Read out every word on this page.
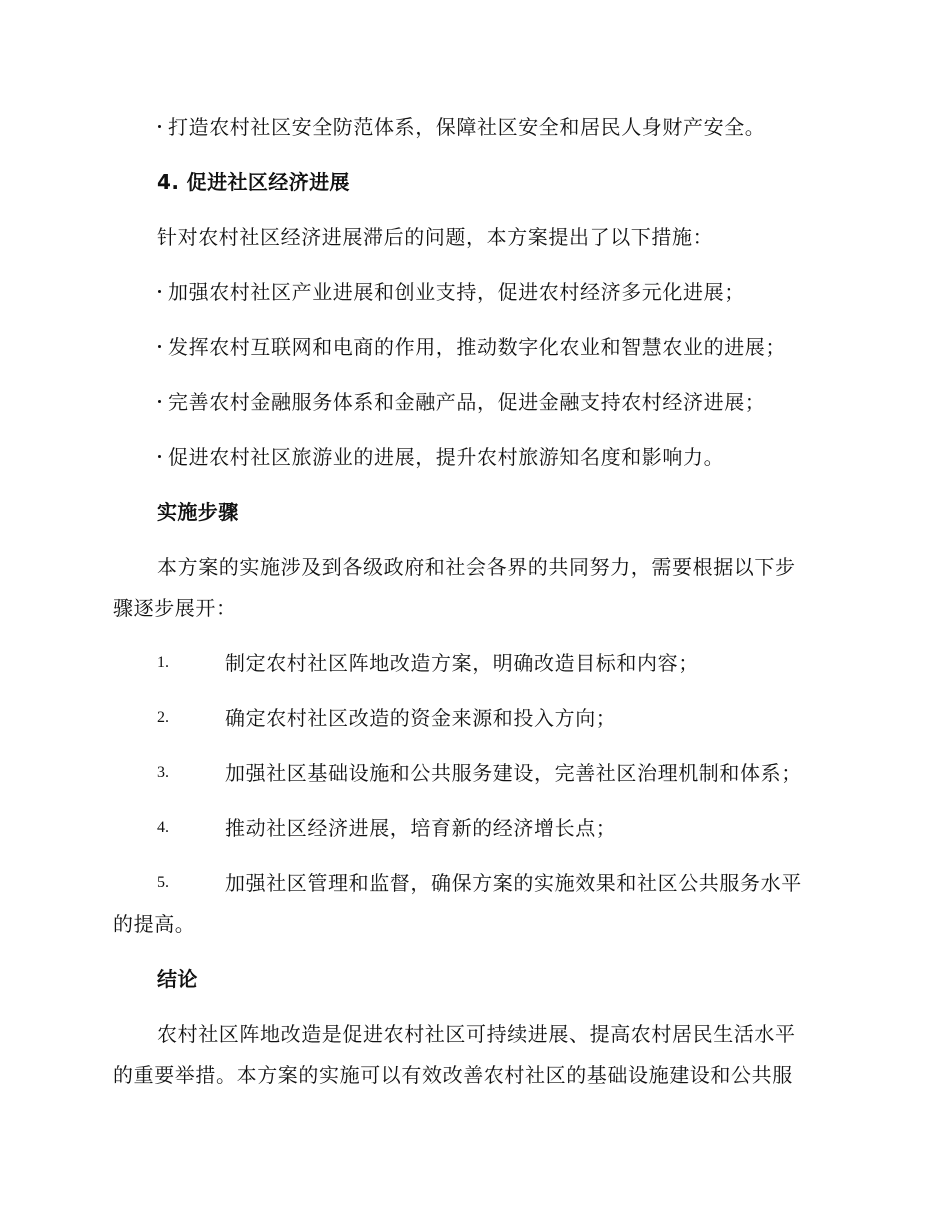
打造农村社区安全防范体系，保障社区安全和居民人身财产安全。
4. 促进社区经济进展
针对农村社区经济进展滞后的问题，本方案提出了以下措施：
加强农村社区产业进展和创业支持，促进农村经济多元化进展；
发挥农村互联网和电商的作用，推动数字化农业和智慧农业的进展；
完善农村金融服务体系和金融产品，促进金融支持农村经济进展；
促进农村社区旅游业的进展，提升农村旅游知名度和影响力。
实施步骤
本方案的实施涉及到各级政府和社会各界的共同努力，需要根据以下步
骤逐步展开：
1.	制定农村社区阵地改造方案，明确改造目标和内容；
2.	确定农村社区改造的资金来源和投入方向；
3.	加强社区基础设施和公共服务建设，完善社区治理机制和体系；
4.	推动社区经济进展，培育新的经济增长点；
5.	加强社区管理和监督，确保方案的实施效果和社区公共服务水平
的提高。
结论
农村社区阵地改造是促进农村社区可持续进展、提高农村居民生活水平
的重要举措。本方案的实施可以有效改善农村社区的基础设施建设和公共服
